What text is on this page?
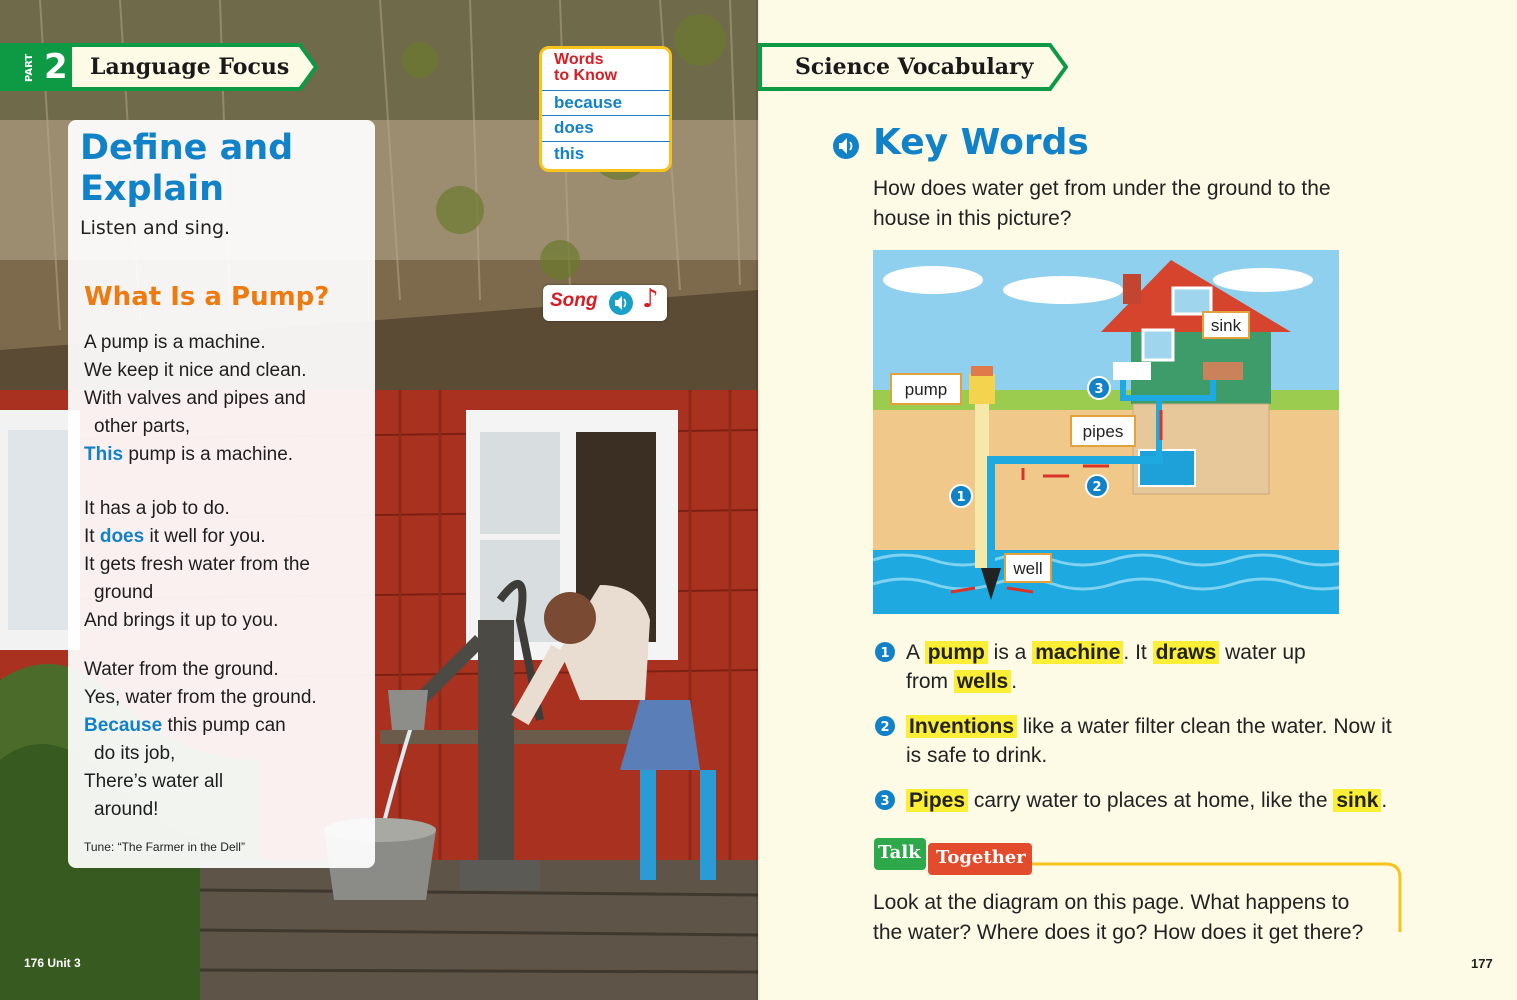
PART 2 Language Focus
Define and
Explain
Listen and sing.
What Is a Pump?
A pump is a machine.
We keep it nice and clean.
With valves and pipes and
other parts,
This pump is a machine.
It has a job to do.
It does it well for you.
It gets fresh water from the
ground
And brings it up to you.
Water from the ground.
Yes, water from the ground.
Because this pump can
do its job,
There’s water all
around!
Tune: “The Farmer in the Dell”
Words
to Know
because
does
this
Song ♪
176 Unit 3
Science Vocabulary
Key Words
How does water get from under the ground to the house in this picture?
sink
pump
pipes
well
1
2
3
1 A pump is a machine . It draws water up
from wells .
2 Inventions like a water filter clean the water. Now it
is safe to drink.
3 Pipes carry water to places at home, like the sink .
Talk Together
Look at the diagram on this page. What happens to the water? Where does it go? How does it get there?
177
